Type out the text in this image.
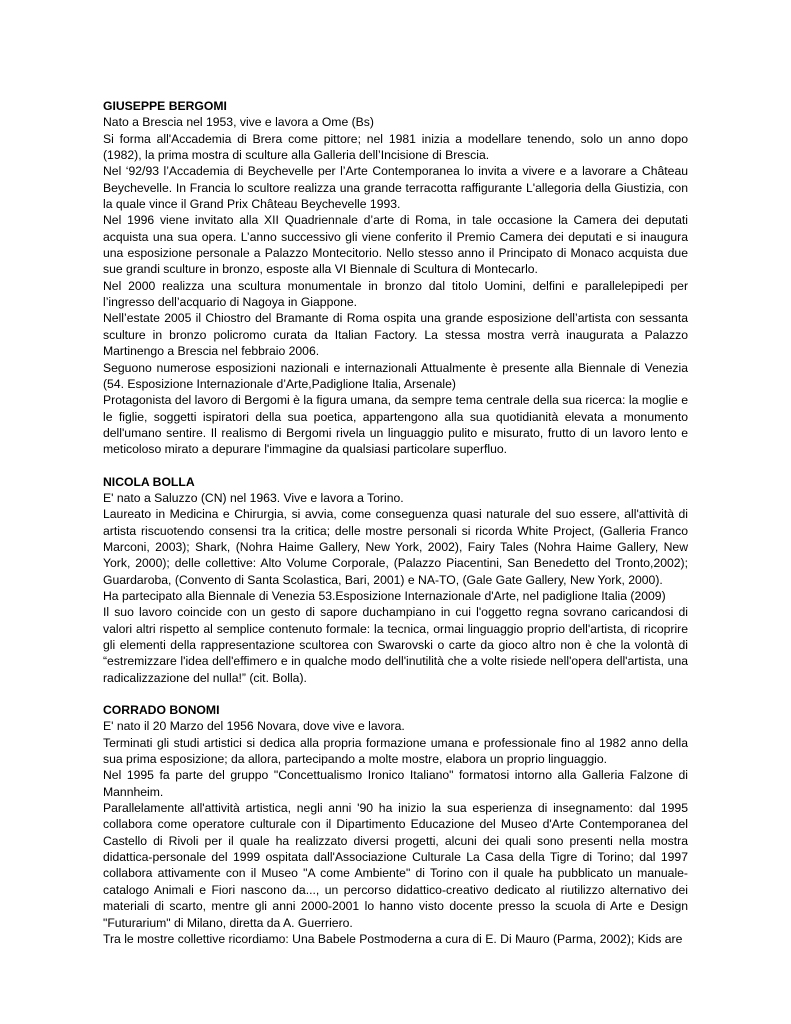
GIUSEPPE BERGOMI

Nato a Brescia nel 1953, vive e lavora a Ome (Bs)

Si forma all'Accademia di Brera come pittore; nel 1981 inizia a modellare tenendo, solo un anno dopo (1982), la prima mostra di sculture alla Galleria dell’Incisione di Brescia.

Nel ‘92/93 l’Accademia di Beychevelle per l’Arte Contemporanea lo invita a vivere e a lavorare a Château Beychevelle. In Francia lo scultore realizza una grande terracotta raffigurante L'allegoria della Giustizia, con la quale vince il Grand Prix Château Beychevelle 1993.

Nel 1996 viene invitato alla XII Quadriennale d’arte di Roma, in tale occasione la Camera dei deputati acquista una sua opera. L’anno successivo gli viene conferito il Premio Camera dei deputati e si inaugura una esposizione personale a Palazzo Montecitorio. Nello stesso anno il Principato di Monaco acquista due sue grandi sculture in bronzo, esposte alla VI Biennale di Scultura di Montecarlo.

Nel 2000 realizza una scultura monumentale in bronzo dal titolo Uomini, delfini e parallelepipedi per l’ingresso dell’acquario di Nagoya in Giappone.

Nell’estate 2005 il Chiostro del Bramante di Roma ospita una grande esposizione dell’artista con sessanta sculture in bronzo policromo curata da Italian Factory. La stessa mostra verrà inaugurata a Palazzo Martinengo a Brescia nel febbraio 2006.

Seguono numerose esposizioni nazionali e internazionali Attualmente è presente alla Biennale di Venezia (54. Esposizione Internazionale d’Arte,Padiglione Italia, Arsenale)

Protagonista del lavoro di Bergomi è la figura umana, da sempre tema centrale della sua ricerca: la moglie e le figlie, soggetti ispiratori della sua poetica, appartengono alla sua quotidianità elevata a monumento dell'umano sentire. Il realismo di Bergomi rivela un linguaggio pulito e misurato, frutto di un lavoro lento e meticoloso mirato a depurare l'immagine da qualsiasi particolare superfluo.

NICOLA BOLLA

E' nato a Saluzzo (CN) nel 1963. Vive e lavora a Torino.

Laureato in Medicina e Chirurgia, si avvia, come conseguenza quasi naturale del suo essere, all'attività di artista riscuotendo consensi tra la critica; delle mostre personali si ricorda White Project, (Galleria Franco Marconi, 2003); Shark, (Nohra Haime Gallery, New York, 2002), Fairy Tales (Nohra Haime Gallery, New York, 2000); delle collettive: Alto Volume Corporale, (Palazzo Piacentini, San Benedetto del Tronto,2002); Guardaroba, (Convento di Santa Scolastica, Bari, 2001) e NA-TO, (Gale Gate Gallery, New York, 2000).

Ha partecipato alla Biennale di Venezia 53.Esposizione Internazionale d'Arte, nel padiglione Italia (2009)

Il suo lavoro coincide con un gesto di sapore duchampiano in cui l'oggetto regna sovrano caricandosi di valori altri rispetto al semplice contenuto formale: la tecnica, ormai linguaggio proprio dell'artista, di ricoprire gli elementi della rappresentazione scultorea con Swarovski o carte da gioco altro non è che la volontà di “estremizzare l'idea dell'effimero e in qualche modo dell'inutilità che a volte risiede nell'opera dell'artista, una radicalizzazione del nulla!” (cit. Bolla).

CORRADO BONOMI

E' nato il 20 Marzo del 1956 Novara, dove vive e lavora.

Terminati gli studi artistici si dedica alla propria formazione umana e professionale fino al 1982 anno della sua prima esposizione; da allora, partecipando a molte mostre, elabora un proprio linguaggio.

Nel 1995 fa parte del gruppo "Concettualismo Ironico Italiano" formatosi intorno alla Galleria Falzone di Mannheim.

Parallelamente all'attività artistica, negli anni '90 ha inizio la sua esperienza di insegnamento: dal 1995 collabora come operatore culturale con il Dipartimento Educazione del Museo d'Arte Contemporanea del Castello di Rivoli per il quale ha realizzato diversi progetti, alcuni dei quali sono presenti nella mostra didattica-personale del 1999 ospitata dall'Associazione Culturale La Casa della Tigre di Torino; dal 1997 collabora attivamente con il Museo "A come Ambiente" di Torino con il quale ha pubblicato un manuale-catalogo Animali e Fiori nascono da..., un percorso didattico-creativo dedicato al riutilizzo alternativo dei materiali di scarto, mentre gli anni 2000-2001 lo hanno visto docente presso la scuola di Arte e Design "Futurarium" di Milano, diretta da A. Guerriero.

Tra le mostre collettive ricordiamo: Una Babele Postmoderna a cura di E. Di Mauro (Parma, 2002); Kids are
